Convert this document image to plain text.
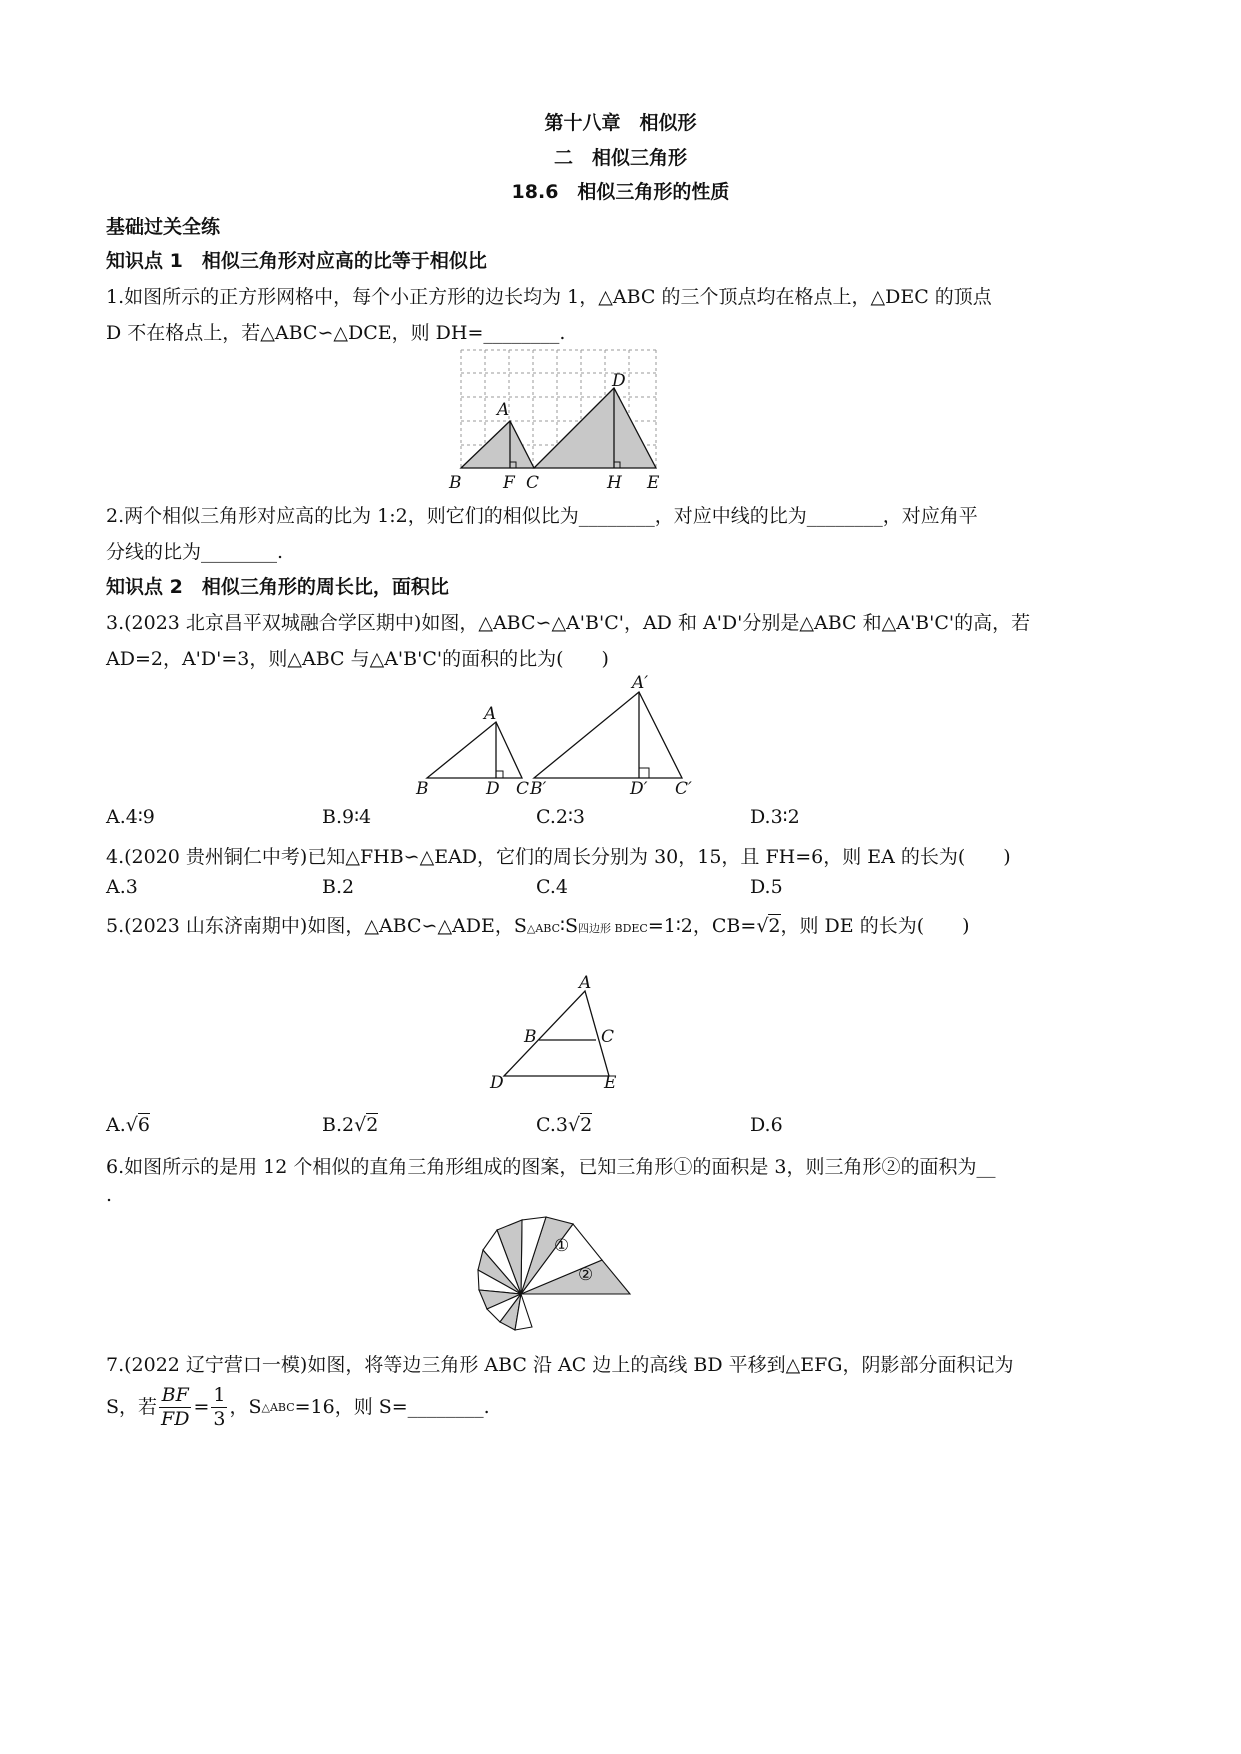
第十八章　相似形
二　相似三角形
18.6　相似三角形的性质
基础过关全练
知识点 1　相似三角形对应高的比等于相似比
1.如图所示的正方形网格中，每个小正方形的边长均为 1，△ABC 的三个顶点均在格点上，△DEC 的顶点
D 不在格点上，若△ABC∽△DCE，则 DH=________.
A
B F C
D
H E
2.两个相似三角形对应高的比为 1:2，则它们的相似比为________，对应中线的比为________，对应角平
分线的比为________.
知识点 2　相似三角形的周长比，面积比
3.(2023 北京昌平双城融合学区期中)如图，△ABC∽△A'B'C'，AD 和 A'D'分别是△ABC 和△A'B'C'的高，若
AD=2，A'D'=3，则△ABC 与△A'B'C'的面积的比为(　　)
A
B	D C
A′
B′	D′ C′
A.4∶9	B.9∶4	C.2∶3	D.3∶2
4.(2020 贵州铜仁中考)已知△FHB∽△EAD，它们的周长分别为 30，15，且 FH=6，则 EA 的长为(　　)
A.3	B.2	C.4	D.5
5.(2023 山东济南期中)如图，△ABC∽△ADE，S△ABC∶S四边形 BDEC=1∶2，CB=√2，则 DE 的长为(　　)
A
B	C
D	E
A.√6	B.2√2	C.3√2	D.6
6.如图所示的是用 12 个相似的直角三角形组成的图案，已知三角形①的面积是 3，则三角形②的面积为__
.
①
②
7.(2022 辽宁营口一模)如图，将等边三角形 ABC 沿 AC 边上的高线 BD 平移到△EFG，阴影部分面积记为
S，若 $\frac{BF}{FD} = \frac{1}{3}$ ，S△ABC=16，则 S=________.
